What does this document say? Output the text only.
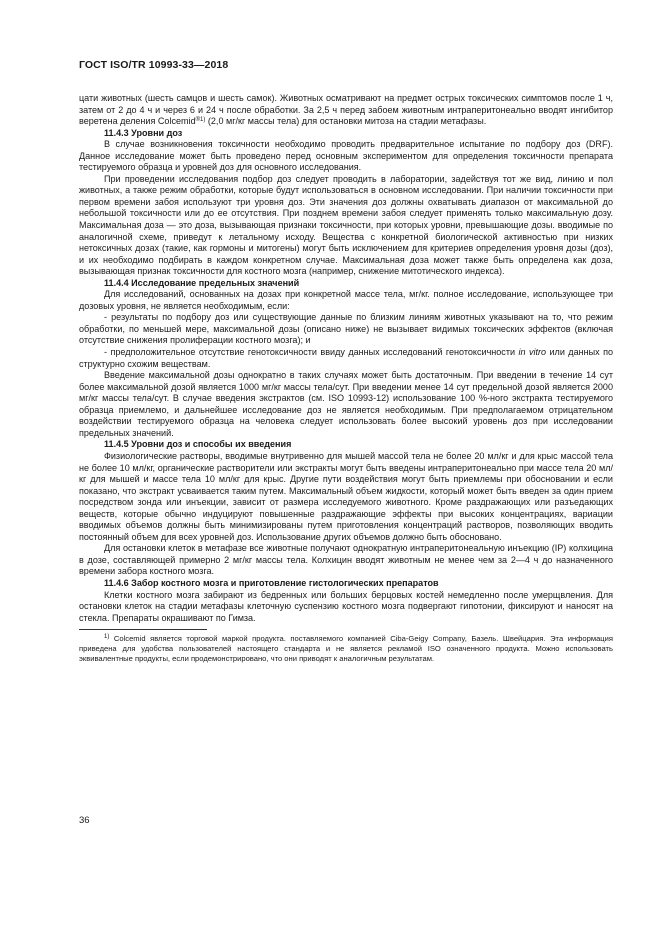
ГОСТ ISO/TR 10993-33—2018

цати животных (шесть самцов и шесть самок). Животных осматривают на предмет острых токсических симптомов после 1 ч, затем от 2 до 4 ч и через 6 и 24 ч после обработки. За 2,5 ч перед забоем животным интраперитонеально вводят ингибитор веретена деления Colcemid$^{®1)}$ (2,0 мг/кг массы тела) для остановки митоза на стадии метафазы.

11.4.3 Уровни доз

В случае возникновения токсичности необходимо проводить предварительное испытание по подбору доз (DRF). Данное исследование может быть проведено перед основным экспериментом для определения токсичности препарата тестируемого образца и уровней доз для основного исследования.

При проведении исследования подбор доз следует проводить в лаборатории, задействуя тот же вид, линию и пол животных, а также режим обработки, которые будут использоваться в основном исследовании. При наличии токсичности при первом времени забоя используют три уровня доз. Эти значения доз должны охватывать диапазон от максимальной до небольшой токсичности или до ее отсутствия. При позднем времени забоя следует применять только максимальную дозу. Максимальная доза — это доза, вызывающая признаки токсичности, при которых уровни, превышающие дозы. вводимые по аналогичной схеме, приведут к летальному исходу. Вещества с конкретной биологической активностью при низких нетоксичных дозах (такие, как гормоны и митогены) могут быть исключением для критериев определения уровня дозы (доз), и их необходимо подбирать в каждом конкретном случае. Максимальная доза может также быть определена как доза, вызывающая признак токсичности для костного мозга (например, снижение митотического индекса).

11.4.4 Исследование предельных значений

Для исследований, основанных на дозах при конкретной массе тела, мг/кг. полное исследование, использующее три дозовых уровня, не является необходимым, если:

- результаты по подбору доз или существующие данные по близким линиям животных указывают на то, что режим обработки, по меньшей мере, максимальной дозы (описано ниже) не вызывает видимых токсических эффектов (включая отсутствие снижения пролиферации костного мозга); и

- предположительное отсутствие генотоксичности ввиду данных исследований генотоксичности in vitro или данных по структурно схожим веществам.

Введение максимальной дозы однократно в таких случаях может быть достаточным. При введении в течение 14 сут более максимальной дозой является 1000 мг/кг массы тела/сут. При введении менее 14 сут предельной дозой является 2000 мг/кг массы тела/сут. В случае введения экстрактов (см. ISO 10993-12) использование 100 %-ного экстракта тестируемого образца приемлемо, и дальнейшее исследование доз не является необходимым. При предполагаемом отрицательном воздействии тестируемого образца на человека следует использовать более высокий уровень доз при исследовании предельных значений.

11.4.5 Уровни доз и способы их введения

Физиологические растворы, вводимые внутривенно для мышей массой тела не более 20 мл/кг и для крыс массой тела не более 10 мл/кг, органические растворители или экстракты могут быть введены интраперитонеально при массе тела 20 мл/кг для мышей и массе тела 10 мл/кг для крыс. Другие пути воздействия могут быть приемлемы при обосновании и если показано, что экстракт усваивается таким путем. Максимальный объем жидкости, который может быть введен за один прием посредством зонда или инъекции, зависит от размера исследуемого животного. Кроме раздражающих или разъедающих веществ, которые обычно индуцируют повышенные раздражающие эффекты при высоких концентрациях, вариации вводимых объемов должны быть минимизированы путем приготовления концентраций растворов, позволяющих вводить постоянный объем для всех уровней доз. Использование других объемов должно быть обосновано.

Для остановки клеток в метафазе все животные получают однократную интраперитонеальную инъекцию (IP) колхицина в дозе, составляющей примерно 2 мг/кг массы тела. Колхицин вводят животным не менее чем за 2—4 ч до назначенного времени забора костного мозга.

11.4.6 Забор костного мозга и приготовление гистологических препаратов

Клетки костного мозга забирают из бедренных или больших берцовых костей немедленно после умерщвления. Для остановки клеток на стадии метафазы клеточную суспензию костного мозга подвергают гипотонии, фиксируют и наносят на стекла. Препараты окрашивают по Гимза.

$^{1)}$ Colcemid является торговой маркой продукта. поставляемого компанией Ciba-Geigy Company, Базель. Швейцария. Эта информация приведена для удобства пользователей настоящего стандарта и не является рекламой ISO означенного продукта. Можно использовать эквивалентные продукты, если продемонстрировано, что они приводят к аналогичным результатам.

36
